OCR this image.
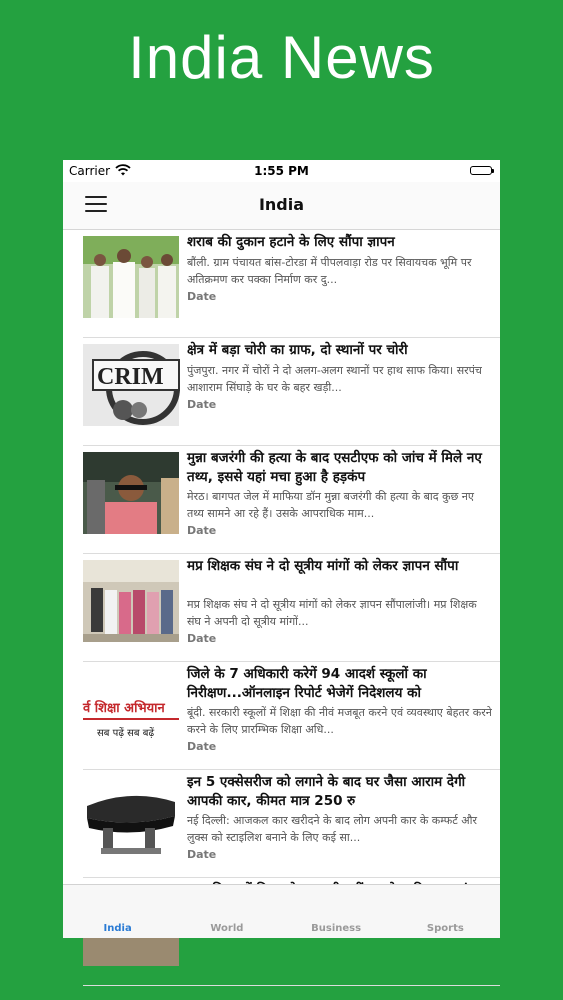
India News
Carrier	1:55 PM
India
शराब की दुकान हटाने के लिए सौंपा ज्ञापन
बौंली. ग्राम पंचायत बांस-टोरडा में पीपलवाड़ा रोड पर सिवायचक भूमि पर अतिक्रमण कर पक्का निर्माण कर दु...
Date
CRIM
क्षेत्र में बड़ा चोरी का ग्राफ, दो स्थानों पर चोरी
पुंजपुरा. नगर में चोरों ने दो अलग-अलग स्थानों पर हाथ साफ किया। सरपंच आशाराम सिंघाड़े के घर के बहर खड़ी...
Date
मुन्ना बजरंगी की हत्या के बाद एसटीएफ को जांच में मिले नए तथ्य, इससे यहां मचा हुआ है हड़कंप
मेरठ। बागपत जेल में माफिया डॉन मुन्ना बजरंगी की हत्या के बाद कुछ नए तथ्य सामने आ रहे हैं। उसके आपराधिक माम...
Date
मप्र शिक्षक संघ ने दो सूत्रीय मांगों को लेकर ज्ञापन सौंपा
मप्र शिक्षक संघ ने दो सूत्रीय मांगों को लेकर ज्ञापन सौंपालांजी। मप्र शिक्षक संघ ने अपनी दो सूत्रीय मांगों...
Date
र्व शिक्षा अभियान
सब पढ़ें सब बढ़ें
जिले के 7 अधिकारी करेगें 94 आदर्श स्कूलों का निरीक्षण...ऑनलाइन रिपोर्ट भेजेगें निदेशलय को
बूंदी. सरकारी स्कूलों में शिक्षा की नीवं मजबूत करने एवं व्यवस्थाए बेहतर करने करने के लिए प्रारम्भिक शिक्षा अधि...
Date
इन 5 एक्सेसरीज को लगाने के बाद घर जैसा आराम देगी आपकी कार, कीमत मात्र 250 रु
नई दिल्ली: आजकल कार खरीदने के बाद लोग अपनी कार के कम्फर्ट और लुक्स को स्टाइलिश बनाने के लिए कई सा...
Date
India	World	Business	Sports
